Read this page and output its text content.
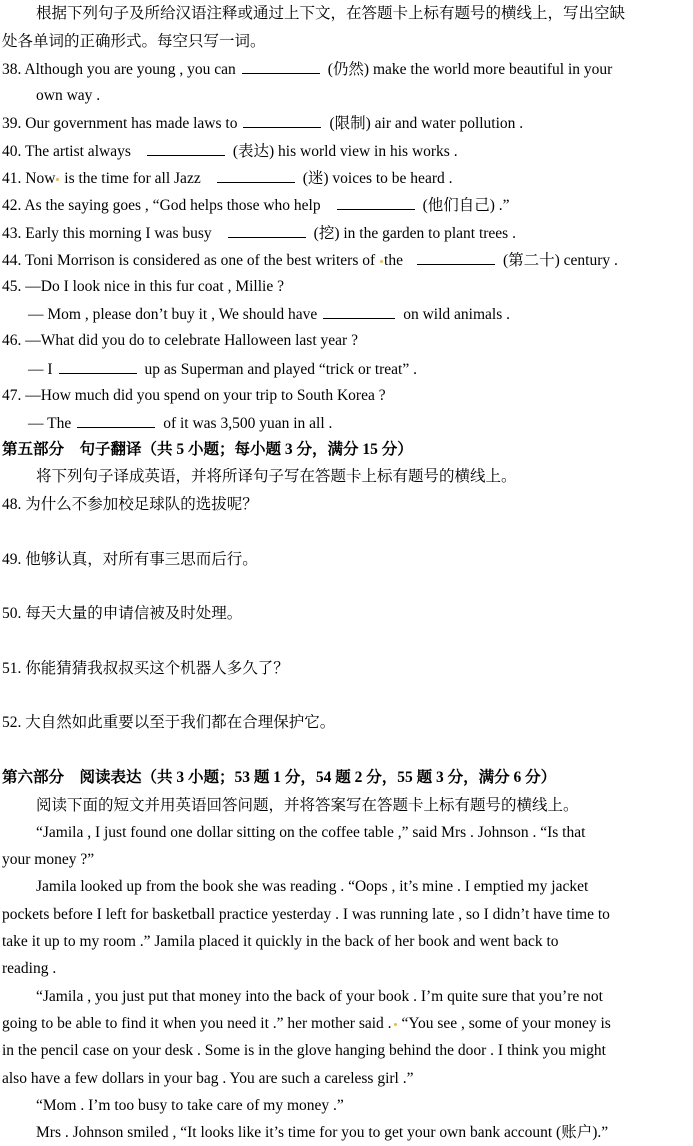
根据下列句子及所给汉语注释或通过上下文，在答题卡上标有题号的横线上，写出空缺
处各单词的正确形式。每空只写一词。
38. Although you are young , you can	(仍然) make the world more beautiful in your
own way .
39. Our government has made laws to	(限制) air and water pollution .
40. The artist always	(表达) his world view in his works .
41. Now is the time for all Jazz	(迷) voices to be heard .
42. As the saying goes , “God helps those who help	(他们自己) .”
43. Early this morning I was busy	(挖) in the garden to plant trees .
44. Toni Morrison is considered as one of the best writers of the	(第二十) century .
45. —Do I look nice in this fur coat , Millie ?
— Mom , please don’t buy it , We should have	on wild animals .
46. —What did you do to celebrate Halloween last year ?
— I	up as Superman and played “trick or treat” .
47. —How much did you spend on your trip to South Korea ?
— The	of it was 3,500 yuan in all .
第五部分　句子翻译（共 5 小题；每小题 3 分，满分 15 分）
将下列句子译成英语，并将所译句子写在答题卡上标有题号的横线上。
48. 为什么不参加校足球队的选拔呢？
49. 他够认真，对所有事三思而后行。
50. 每天大量的申请信被及时处理。
51. 你能猜猜我叔叔买这个机器人多久了？
52. 大自然如此重要以至于我们都在合理保护它。
第六部分　阅读表达（共 3 小题；53 题 1 分，54 题 2 分，55 题 3 分，满分 6 分）
阅读下面的短文并用英语回答问题，并将答案写在答题卡上标有题号的横线上。
“Jamila , I just found one dollar sitting on the coffee table ,” said Mrs . Johnson . “Is that
your money ?”
Jamila looked up from the book she was reading . “Oops , it’s mine . I emptied my jacket
pockets before I left for basketball practice yesterday . I was running late , so I didn’t have time to
take it up to my room .” Jamila placed it quickly in the back of her book and went back to
reading .
“Jamila , you just put that money into the back of your book . I’m quite sure that you’re not
going to be able to find it when you need it .” her mother said . “You see , some of your money is
in the pencil case on your desk . Some is in the glove hanging behind the door . I think you might
also have a few dollars in your bag . You are such a careless girl .”
“Mom . I’m too busy to take care of my money .”
Mrs . Johnson smiled , “It looks like it’s time for you to get your own bank account (账户).”
